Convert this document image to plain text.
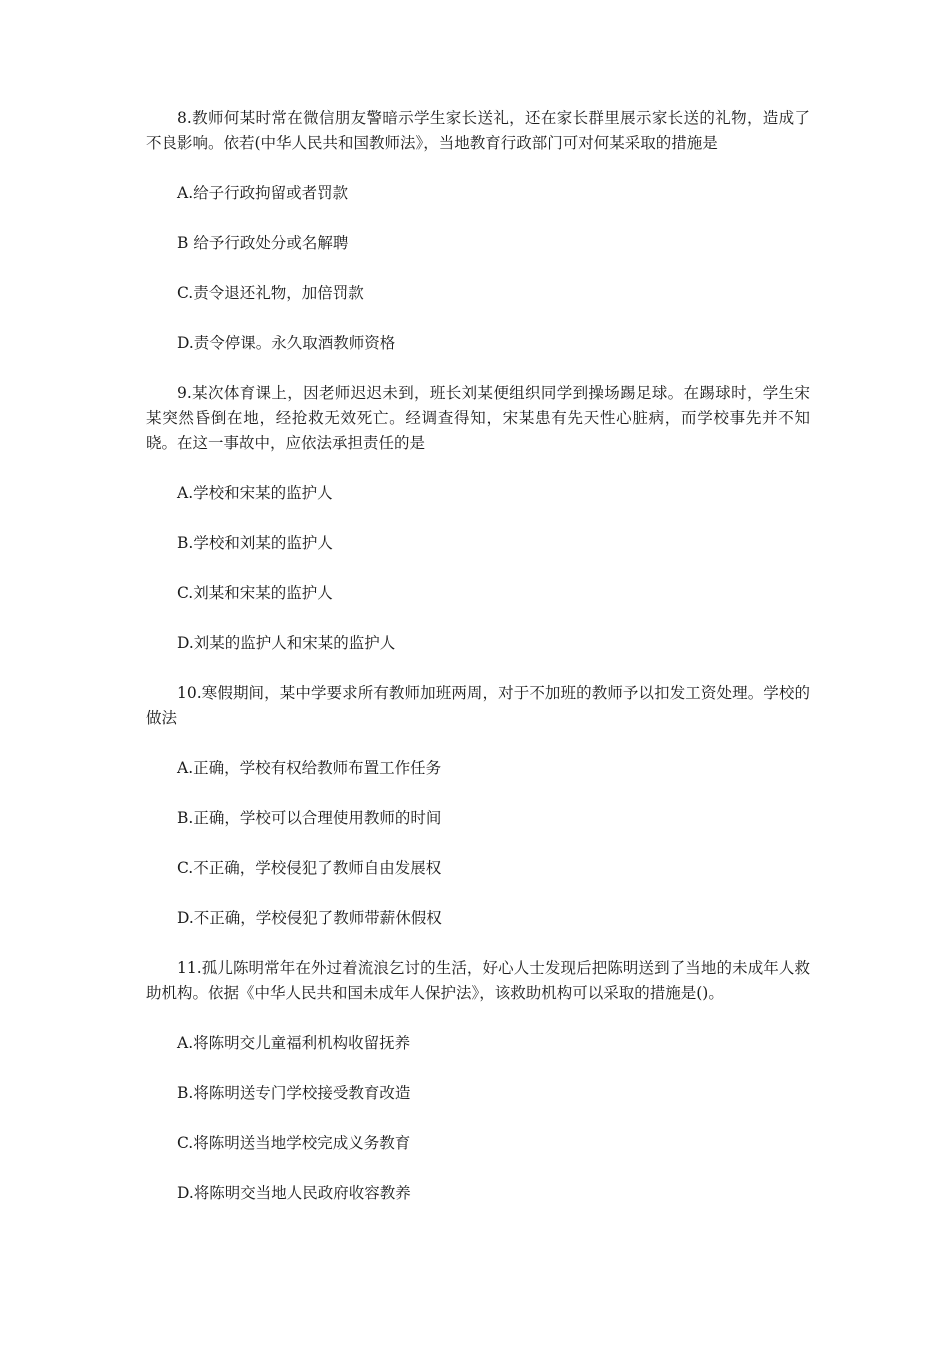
8.教师何某时常在微信朋友警暗示学生家长送礼，还在家长群里展示家长送的礼物，造成了不良影响。依若(中华人民共和国教师法》，当地教育行政部门可对何某采取的措施是

A.给子行政拘留或者罚款

B 给予行政处分或名解聘

C.责令退还礼物，加倍罚款

D.责令停课。永久取酒教师资格

9.某次体育课上，因老师迟迟未到，班长刘某便组织同学到操场踢足球。在踢球时，学生宋某突然昏倒在地，经抢救无效死亡。经调查得知，宋某患有先天性心脏病，而学校事先并不知晓。在这一事故中，应依法承担责任的是

A.学校和宋某的监护人

B.学校和刘某的监护人

C.刘某和宋某的监护人

D.刘某的监护人和宋某的监护人

10.寒假期间，某中学要求所有教师加班两周，对于不加班的教师予以扣发工资处理。学校的做法

A.正确，学校有权给教师布置工作任务

B.正确，学校可以合理使用教师的时间

C.不正确，学校侵犯了教师自由发展权

D.不正确，学校侵犯了教师带薪休假权

11.孤儿陈明常年在外过着流浪乞讨的生活，好心人士发现后把陈明送到了当地的未成年人救助机构。依据《中华人民共和国未成年人保护法》，该救助机构可以采取的措施是()。

A.将陈明交儿童福利机构收留抚养

B.将陈明送专门学校接受教育改造

C.将陈明送当地学校完成义务教育

D.将陈明交当地人民政府收容教养
